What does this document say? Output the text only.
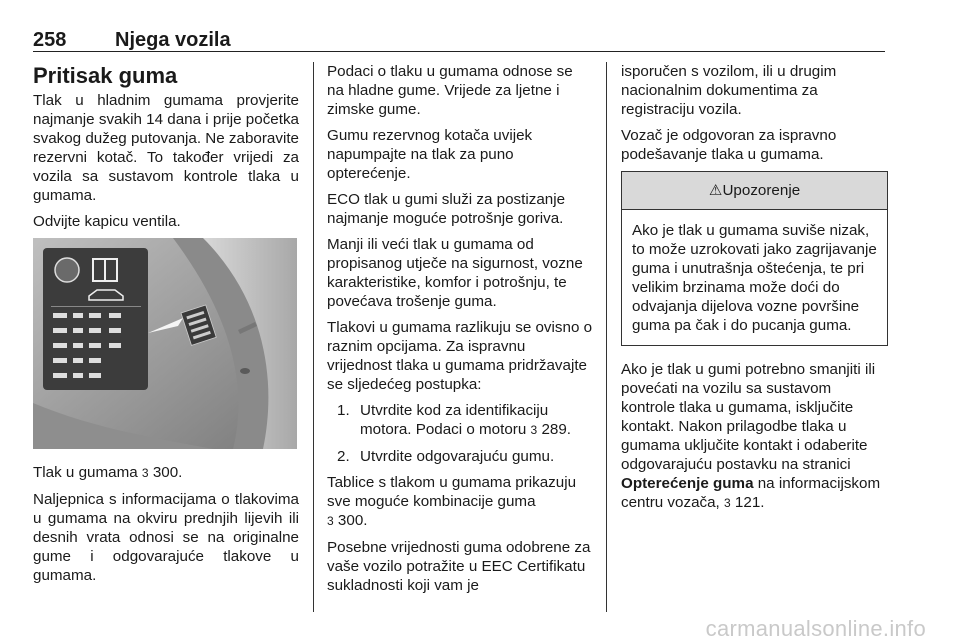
258 Njega vozila
Pritisak guma

Tlak u hladnim gumama provjerite najmanje svakih 14 dana i prije početka svakog dužeg putovanja. Ne zaboravite rezervni kotač. To također vrijedi za vozila sa sustavom kontrole tlaka u gumama.

Odvijte kapicu ventila.

Tlak u gumama 3 300.

Naljepnica s informacijama o tlakovima u gumama na okviru prednjih lijevih ili desnih vrata odnosi se na originalne gume i odgovarajuće tlakove u gumama.

Podaci o tlaku u gumama odnose se na hladne gume. Vrijede za ljetne i zimske gume.

Gumu rezervnog kotača uvijek napumpajte na tlak za puno opterećenje.

ECO tlak u gumi služi za postizanje najmanje moguće potrošnje goriva.

Manji ili veći tlak u gumama od propisanog utječe na sigurnost, vozne karakteristike, komfor i potrošnju, te povećava trošenje guma.

Tlakovi u gumama razlikuju se ovisno o raznim opcijama. Za ispravnu vrijednost tlaka u gumama pridržavajte se sljedećeg postupka:

1. Utvrdite kod za identifikaciju motora. Podaci o motoru 3 289.
2. Utvrdite odgovarajuću gumu.

Tablice s tlakom u gumama prikazuju sve moguće kombinacije guma
3 300.

Posebne vrijednosti guma odobrene za vaše vozilo potražite u EEC Certifikatu sukladnosti koji vam je

isporučen s vozilom, ili u drugim nacionalnim dokumentima za registraciju vozila.

Vozač je odgovoran za ispravno podešavanje tlaka u gumama.

⚠ Upozorenje
Ako je tlak u gumama suviše nizak, to može uzrokovati jako zagrijavanje guma i unutrašnja oštećenja, te pri velikim brzinama može doći do odvajanja dijelova vozne površine guma pa čak i do pucanja guma.

Ako je tlak u gumi potrebno smanjiti ili povećati na vozilu sa sustavom kontrole tlaka u gumama, isključite kontakt. Nakon prilagodbe tlaka u gumama uključite kontakt i odaberite odgovarajuću postavku na stranici Opterećenje guma na informacijskom centru vozača, 3 121.

carmanualsonline.info
